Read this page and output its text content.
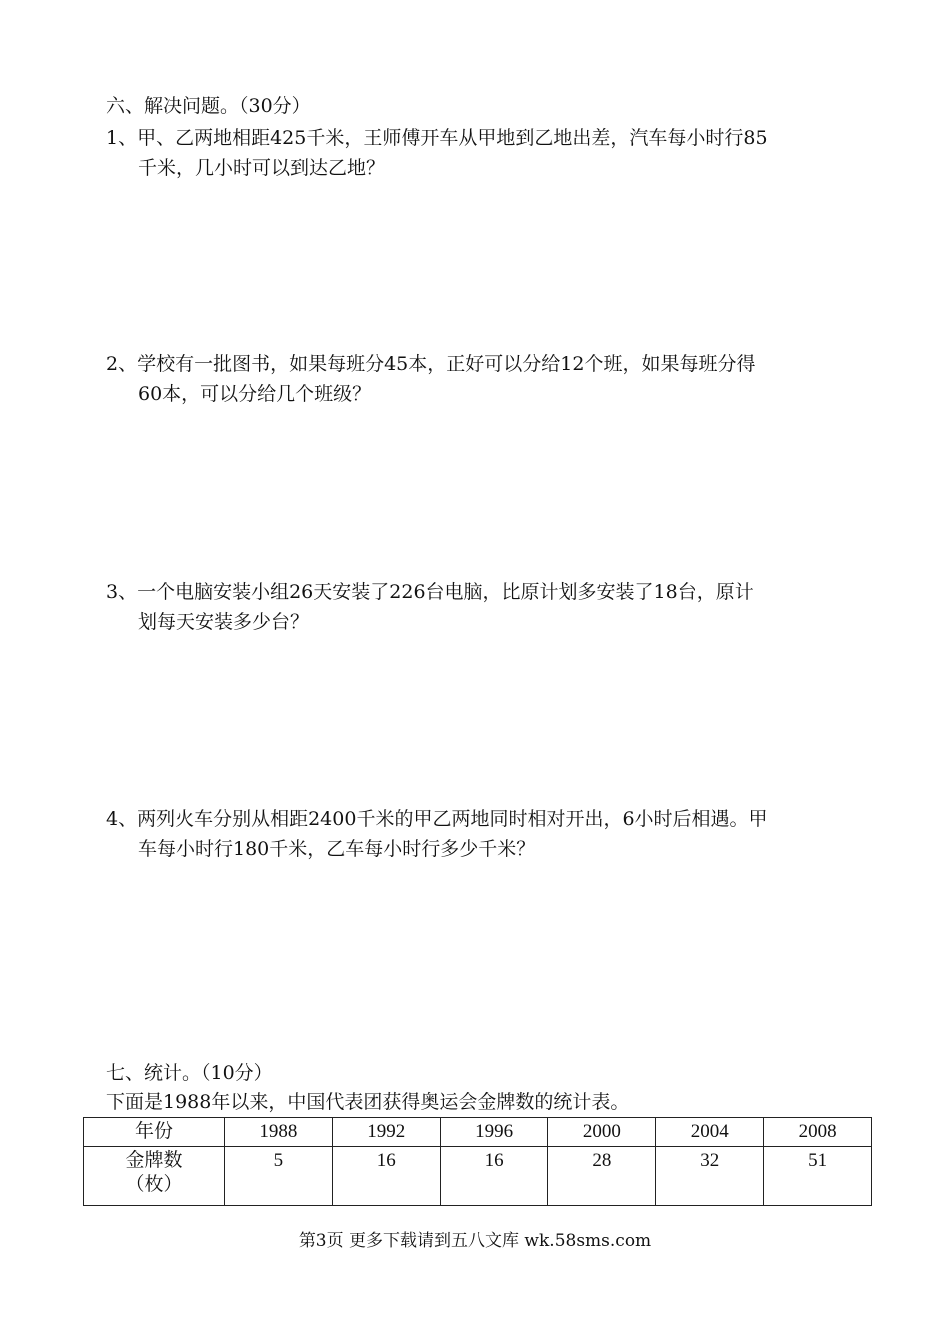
六、解决问题。（30分）
1、甲、乙两地相距425千米，王师傅开车从甲地到乙地出差，汽车每小时行85
千米，几小时可以到达乙地？
2、学校有一批图书，如果每班分45本，正好可以分给12个班，如果每班分得
60本，可以分给几个班级？
3、一个电脑安装小组26天安装了226台电脑，比原计划多安装了18台，原计
划每天安装多少台？
4、两列火车分别从相距2400千米的甲乙两地同时相对开出，6小时后相遇。甲
车每小时行180千米，乙车每小时行多少千米？
七、统计。（10分）
下面是1988年以来，中国代表团获得奥运会金牌数的统计表。
年份	1988	1992	1996	2000	2004	2008

金牌数
（枚）	5	16	16	28	32	51
第3页 更多下载请到五八文库 wk.58sms.com
